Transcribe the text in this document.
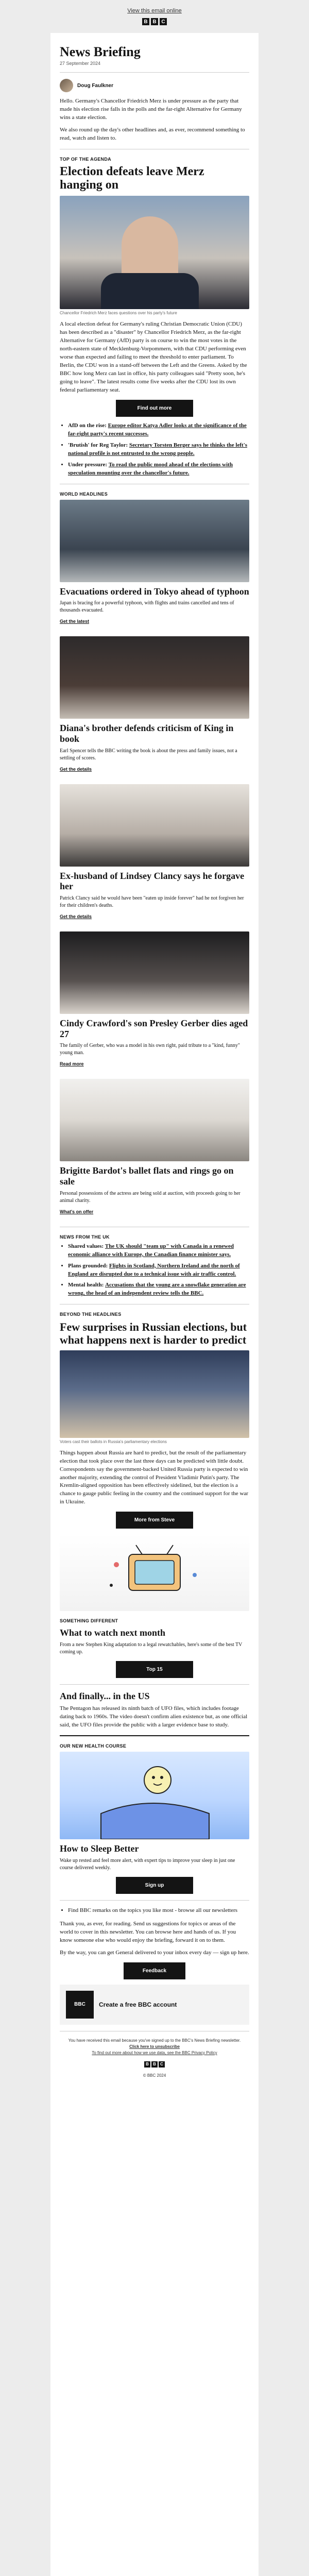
View this email online
B B C
News Briefing
27 September 2024
Doug Faulkner

Hello. Germany's Chancellor Friedrich Merz is under pressure as the party that made his election rise falls in the polls and the far-right Alternative for Germany wins a state election.

We also round up the day's other headlines and, as ever, recommend something to read, watch and listen to.

TOP OF THE AGENDA
Election defeats leave Merz hanging on
Chancellor Friedrich Merz faces questions over his party's future

A local election defeat for Germany's ruling Christian Democratic Union (CDU) has been described as a "disaster" by Chancellor Friedrich Merz, as the far-right Alternative for Germany (AfD) party is on course to win the most votes in the north-eastern state of Mecklenburg-Vorpommern, with that CDU performing even worse than expected and failing to meet the threshold to enter parliament. To Berlin, the CDU won in a stand-off between the Left and the Greens. Asked by the BBC how long Merz can last in office, his party colleagues said "Pretty soon, he's going to leave". The latest results come five weeks after the CDU lost its own federal parliamentary seat.

Find out more
• AfD on the rise: Europe editor Katya Adler looks at the significance of the far-right party's recent successes.
• 'Brutish' for Reg Taylor: Secretary Torsten Berger says he thinks the left's national profile is not entrusted to the wrong people.
• Under pressure: To read the public mood ahead of the elections with speculation mounting over the chancellor's future.
WORLD HEADLINES
Evacuations ordered in Tokyo ahead of typhoon

Japan is bracing for a powerful typhoon, with flights and trains cancelled and tens of thousands evacuated.

Get the latest
Diana's brother defends criticism of King in book

Earl Spencer tells the BBC writing the book is about the press and family issues, not a settling of scores.

Get the details
Ex-husband of Lindsey Clancy says he forgave her

Patrick Clancy said he would have been "eaten up inside forever" had he not forgiven her for their children's deaths.

Get the details
Cindy Crawford's son Presley Gerber dies aged 27

The family of Gerber, who was a model in his own right, paid tribute to a "kind, funny" young man.

Read more
Brigitte Bardot's ballet flats and rings go on sale

Personal possessions of the actress are being sold at auction, with proceeds going to her animal charity.

What's on offer
NEWS FROM THE UK
• Shared values: The UK should "team up" with Canada in a renewed economic alliance with Europe, the Canadian finance minister says.
• Plans grounded: Flights in Scotland, Northern Ireland and the north of England are disrupted due to a technical issue with air traffic control.
• Mental health: Accusations that the young are a snowflake generation are wrong, the head of an independent review tells the BBC.
BEYOND THE HEADLINES
Few surprises in Russian elections, but what happens next is harder to predict
Voters cast their ballots in Russia's parliamentary elections

Things happen about Russia are hard to predict, but the result of the parliamentary election that took place over the last three days can be predicted with little doubt. Correspondents say the government-backed United Russia party is expected to win another majority, extending the control of President Vladimir Putin's party. The Kremlin-aligned opposition has been effectively sidelined, but the election is a chance to gauge public feeling in the country and the continued support for the war in Ukraine.

More from Steve
SOMETHING DIFFERENT
What to watch next month

From a new Stephen King adaptation to a legal rewatchables, here's some of the best TV coming up.

Top 15
And finally... in the US

The Pentagon has released its ninth batch of UFO files, which includes footage dating back to 1960s. The video doesn't confirm alien existence but, as one official said, the UFO files provide the public with a larger evidence base to study.

OUR NEW HEALTH COURSE
How to Sleep Better

Wake up rested and feel more alert, with expert tips to improve your sleep in just one course delivered weekly.

Sign up
• Find BBC remarks on the topics you like most - browse all our newsletters

Thank you, as ever, for reading. Send us suggestions for topics or areas of the world to cover in this newsletter. You can browse here and hands of us. If you know someone else who would enjoy the briefing, forward it on to them.

By the way, you can get General delivered to your inbox every day — sign up here.

Feedback
BBC	Create a free BBC account
You have received this email because you've signed up to the BBC's News Briefing newsletter.
Click here to unsubscribe
To find out more about how we use data, see the BBC Privacy Policy
B	B	C
© BBC 2024
